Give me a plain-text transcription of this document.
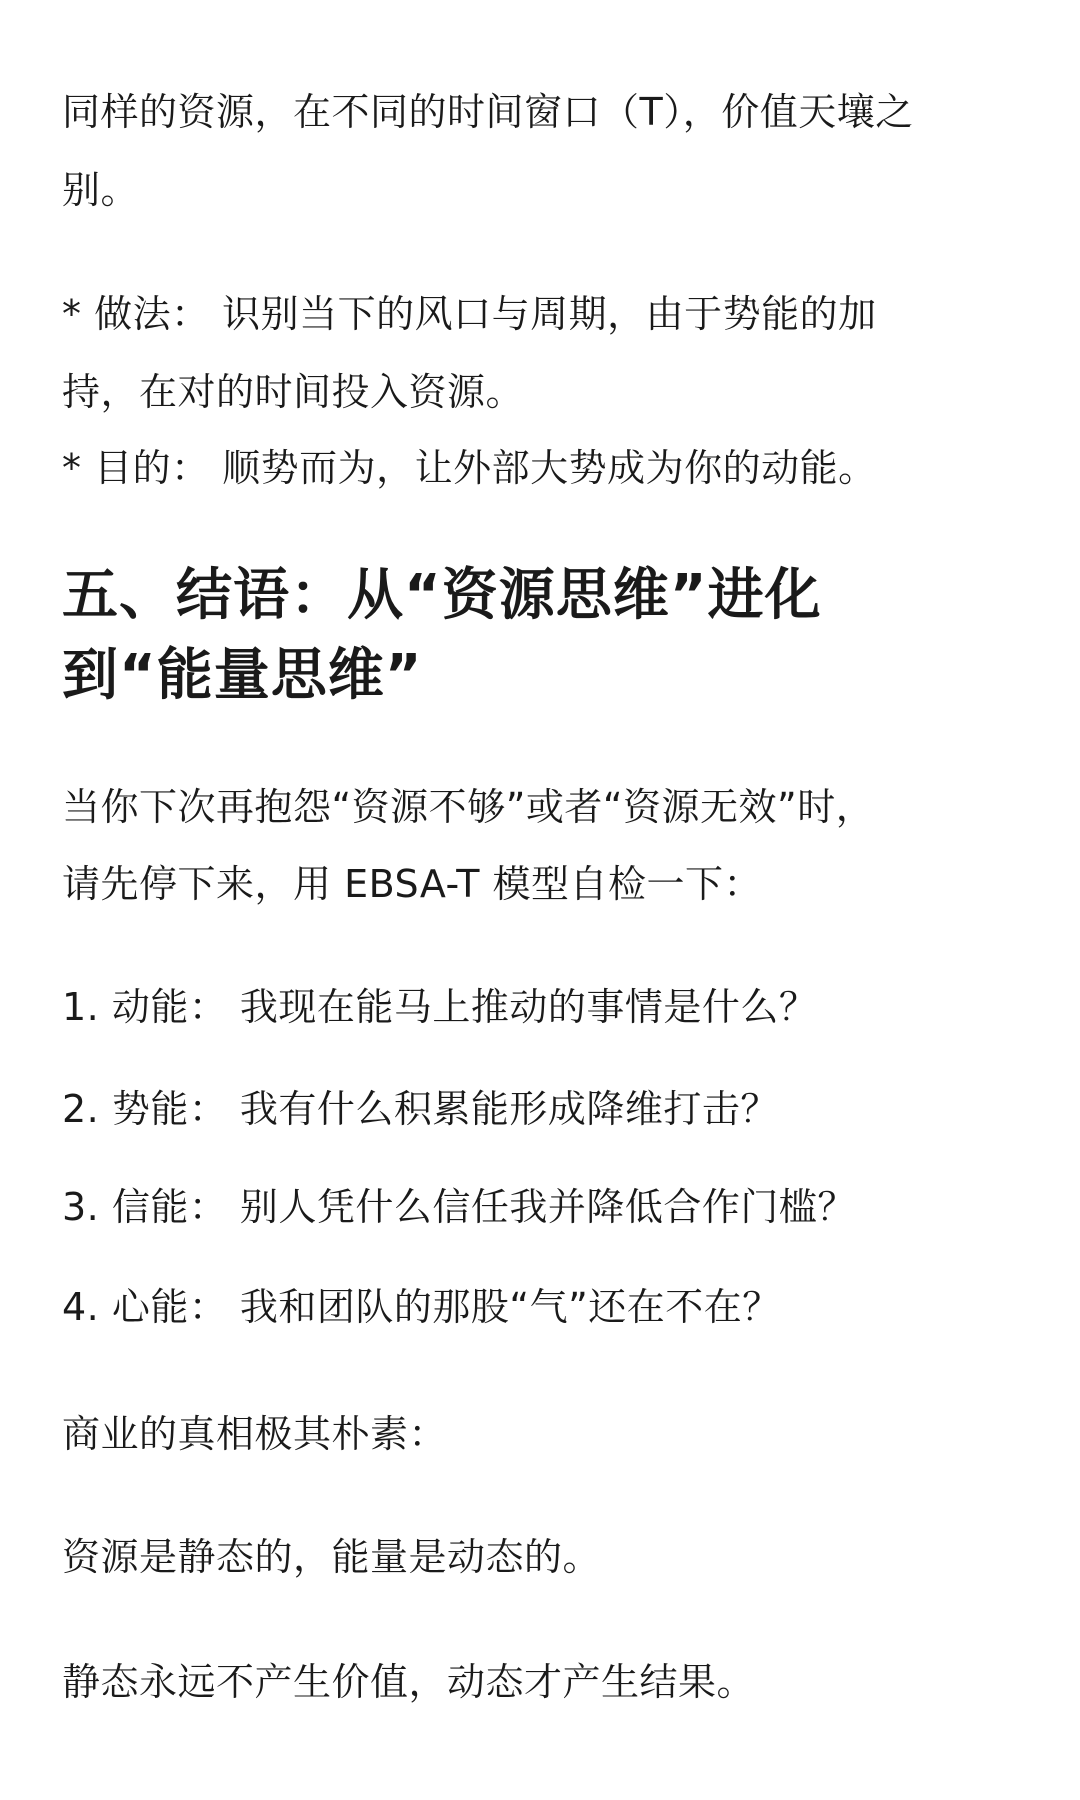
同样的资源，在不同的时间窗口（T），价值天壤之

别。

* 做法： 识别当下的风口与周期，由于势能的加

持，在对的时间投入资源。

* 目的： 顺势而为，让外部大势成为你的动能。

五、结语：从“资源思维”进化
到“能量思维”

当你下次再抱怨“资源不够”或者“资源无效”时，

请先停下来，用 EBSA-T 模型自检一下：

1. 动能： 我现在能马上推动的事情是什么？

2. 势能： 我有什么积累能形成降维打击？

3. 信能： 别人凭什么信任我并降低合作门槛？

4. 心能： 我和团队的那股“气”还在不在？

商业的真相极其朴素：

资源是静态的，能量是动态的。

静态永远不产生价值，动态才产生结果。
